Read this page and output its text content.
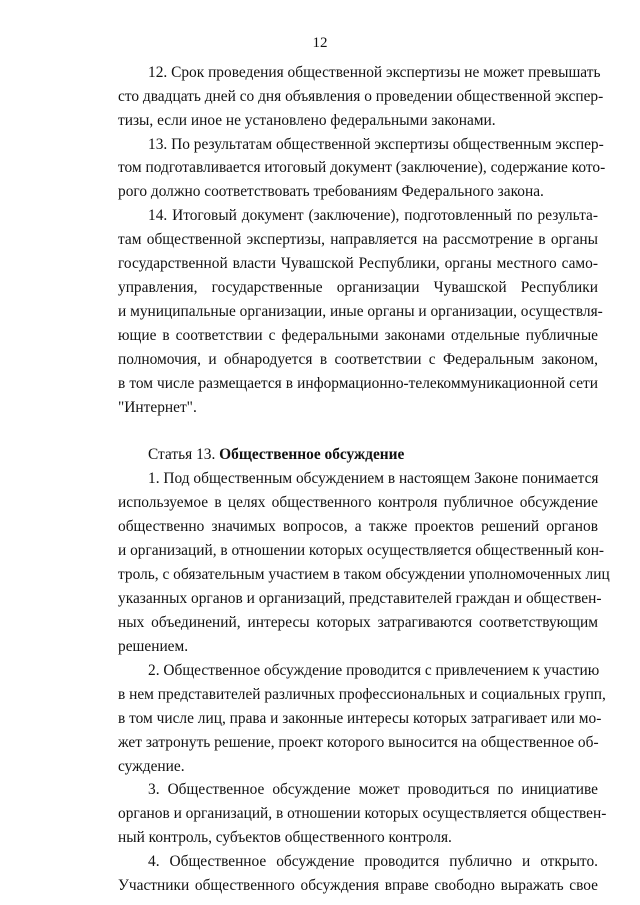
12
12. Срок проведения общественной экспертизы не может превышать
сто двадцать дней со дня объявления о проведении общественной экспер-
тизы, если иное не установлено федеральными законами.
13. По результатам общественной экспертизы общественным экспер-
том подготавливается итоговый документ (заключение), содержание кото-
рого должно соответствовать требованиям Федерального закона.
14. Итоговый документ (заключение), подготовленный по результа-
там общественной экспертизы, направляется на рассмотрение в органы
государственной власти Чувашской Республики, органы местного само-
управления, государственные организации Чувашской Республики
и муниципальные организации, иные органы и организации, осуществля-
ющие в соответствии с федеральными законами отдельные публичные
полномочия, и обнародуется в соответствии с Федеральным законом,
в том числе размещается в информационно-телекоммуникационной сети
"Интернет".
Статья 13. Общественное обсуждение
1. Под общественным обсуждением в настоящем Законе понимается
используемое в целях общественного контроля публичное обсуждение
общественно значимых вопросов, а также проектов решений органов
и организаций, в отношении которых осуществляется общественный кон-
троль, с обязательным участием в таком обсуждении уполномоченных лиц
указанных органов и организаций, представителей граждан и обществен-
ных объединений, интересы которых затрагиваются соответствующим
решением.
2. Общественное обсуждение проводится с привлечением к участию
в нем представителей различных профессиональных и социальных групп,
в том числе лиц, права и законные интересы которых затрагивает или мо-
жет затронуть решение, проект которого выносится на общественное об-
суждение.
3. Общественное обсуждение может проводиться по инициативе
органов и организаций, в отношении которых осуществляется обществен-
ный контроль, субъектов общественного контроля.
4. Общественное обсуждение проводится публично и открыто.
Участники общественного обсуждения вправе свободно выражать свое
